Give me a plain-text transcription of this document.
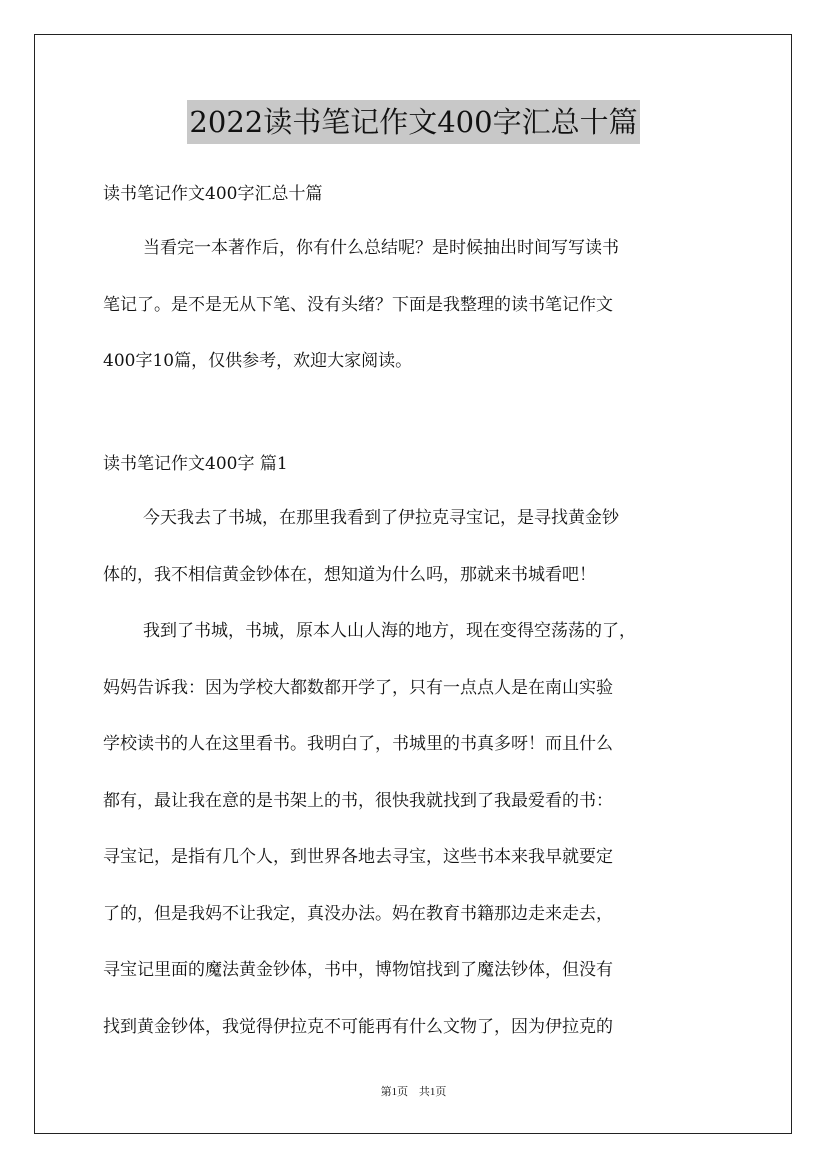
2022读书笔记作文400字汇总十篇

读书笔记作文400字汇总十篇

当看完一本著作后，你有什么总结呢？是时候抽出时间写写读书
笔记了。是不是无从下笔、没有头绪？下面是我整理的读书笔记作文
400字10篇，仅供参考，欢迎大家阅读。

读书笔记作文400字 篇1

今天我去了书城，在那里我看到了伊拉克寻宝记，是寻找黄金钞
体的，我不相信黄金钞体在，想知道为什么吗，那就来书城看吧！
我到了书城，书城，原本人山人海的地方，现在变得空荡荡的了，
妈妈告诉我：因为学校大都数都开学了，只有一点点人是在南山实验
学校读书的人在这里看书。我明白了，书城里的书真多呀！而且什么
都有，最让我在意的是书架上的书，很快我就找到了我最爱看的书：
寻宝记，是指有几个人，到世界各地去寻宝，这些书本来我早就要定
了的，但是我妈不让我定，真没办法。妈在教育书籍那边走来走去，
寻宝记里面的魔法黄金钞体，书中，博物馆找到了魔法钞体，但没有
找到黄金钞体，我觉得伊拉克不可能再有什么文物了，因为伊拉克的
第1页 共1页
